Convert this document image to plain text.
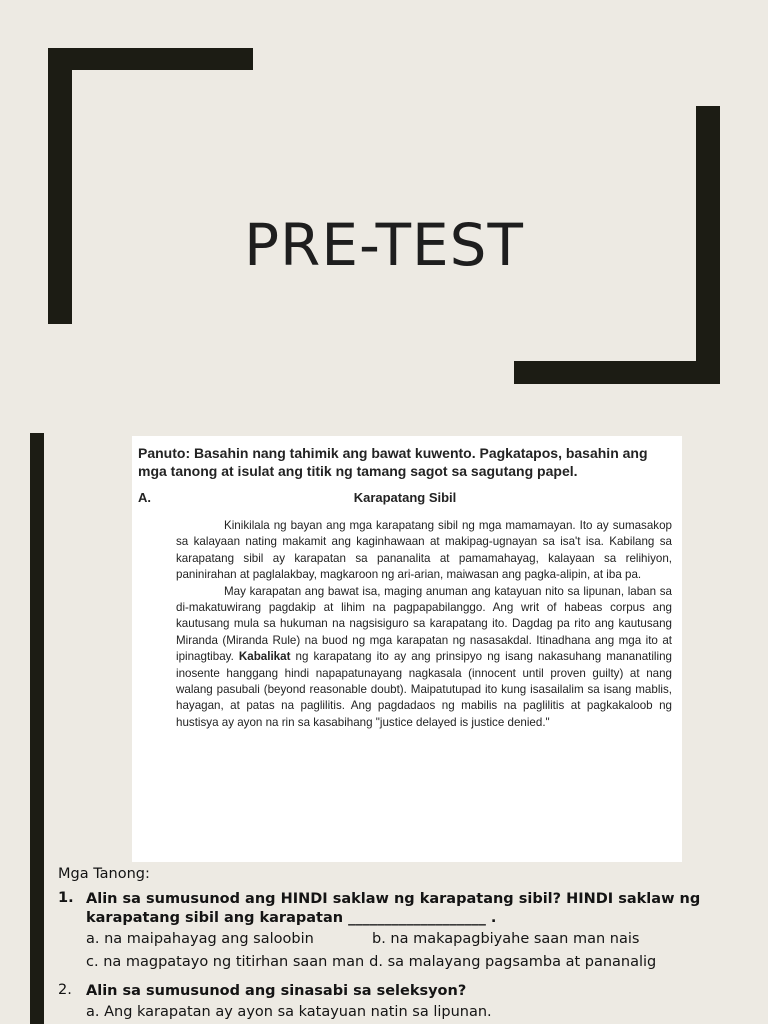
PRE-TEST

Panuto: Basahin nang tahimik ang bawat kuwento. Pagkatapos, basahin ang mga tanong at isulat ang titik ng tamang sagot sa sagutang papel.

A.	Karapatang Sibil

Kinikilala ng bayan ang mga karapatang sibil ng mga mamamayan. Ito ay sumasakop sa kalayaan nating makamit ang kaginhawaan at makipag-ugnayan sa isa't isa. Kabilang sa karapatang sibil ay karapatan sa pananalita at pamamahayag, kalayaan sa relihiyon, paninirahan at paglalakbay, magkaroon ng ari-arian, maiwasan ang pagka-alipin, at iba pa.

May karapatan ang bawat isa, maging anuman ang katayuan nito sa lipunan, laban sa di-makatuwirang pagdakip at lihim na pagpapabilanggo. Ang writ of habeas corpus ang kautusang mula sa hukuman na nagsisiguro sa karapatang ito. Dagdag pa rito ang kautusang Miranda (Miranda Rule) na buod ng mga karapatan ng nasasakdal. Itinadhana ang mga ito at ipinagtibay. Kabalikat ng karapatang ito ay ang prinsipyo ng isang nakasuhang mananatiling inosente hanggang hindi napapatunayang nagkasala (innocent until proven guilty) at nang walang pasubali (beyond reasonable doubt). Maipatutupad ito kung isasailalim sa isang mablis, hayagan, at patas na paglilitis. Ang pagdadaos ng mabilis na paglilitis at pagkakaloob ng hustisya ay ayon na rin sa kasabihang "justice delayed is justice denied."

Mga Tanong:

1. Alin sa sumusunod ang HINDI saklaw ng karapatang sibil? HINDI saklaw ng karapatang sibil ang karapatan ___________________ .
a. na maipahayag ang saloobin	b. na makapagbiyahe saan man nais
c. na magpatayo ng titirhan saan man d. sa malayang pagsamba at pananalig
2. Alin sa sumusunod ang sinasabi sa seleksyon?
a. Ang karapatan ay ayon sa katayuan natin sa lipunan.
